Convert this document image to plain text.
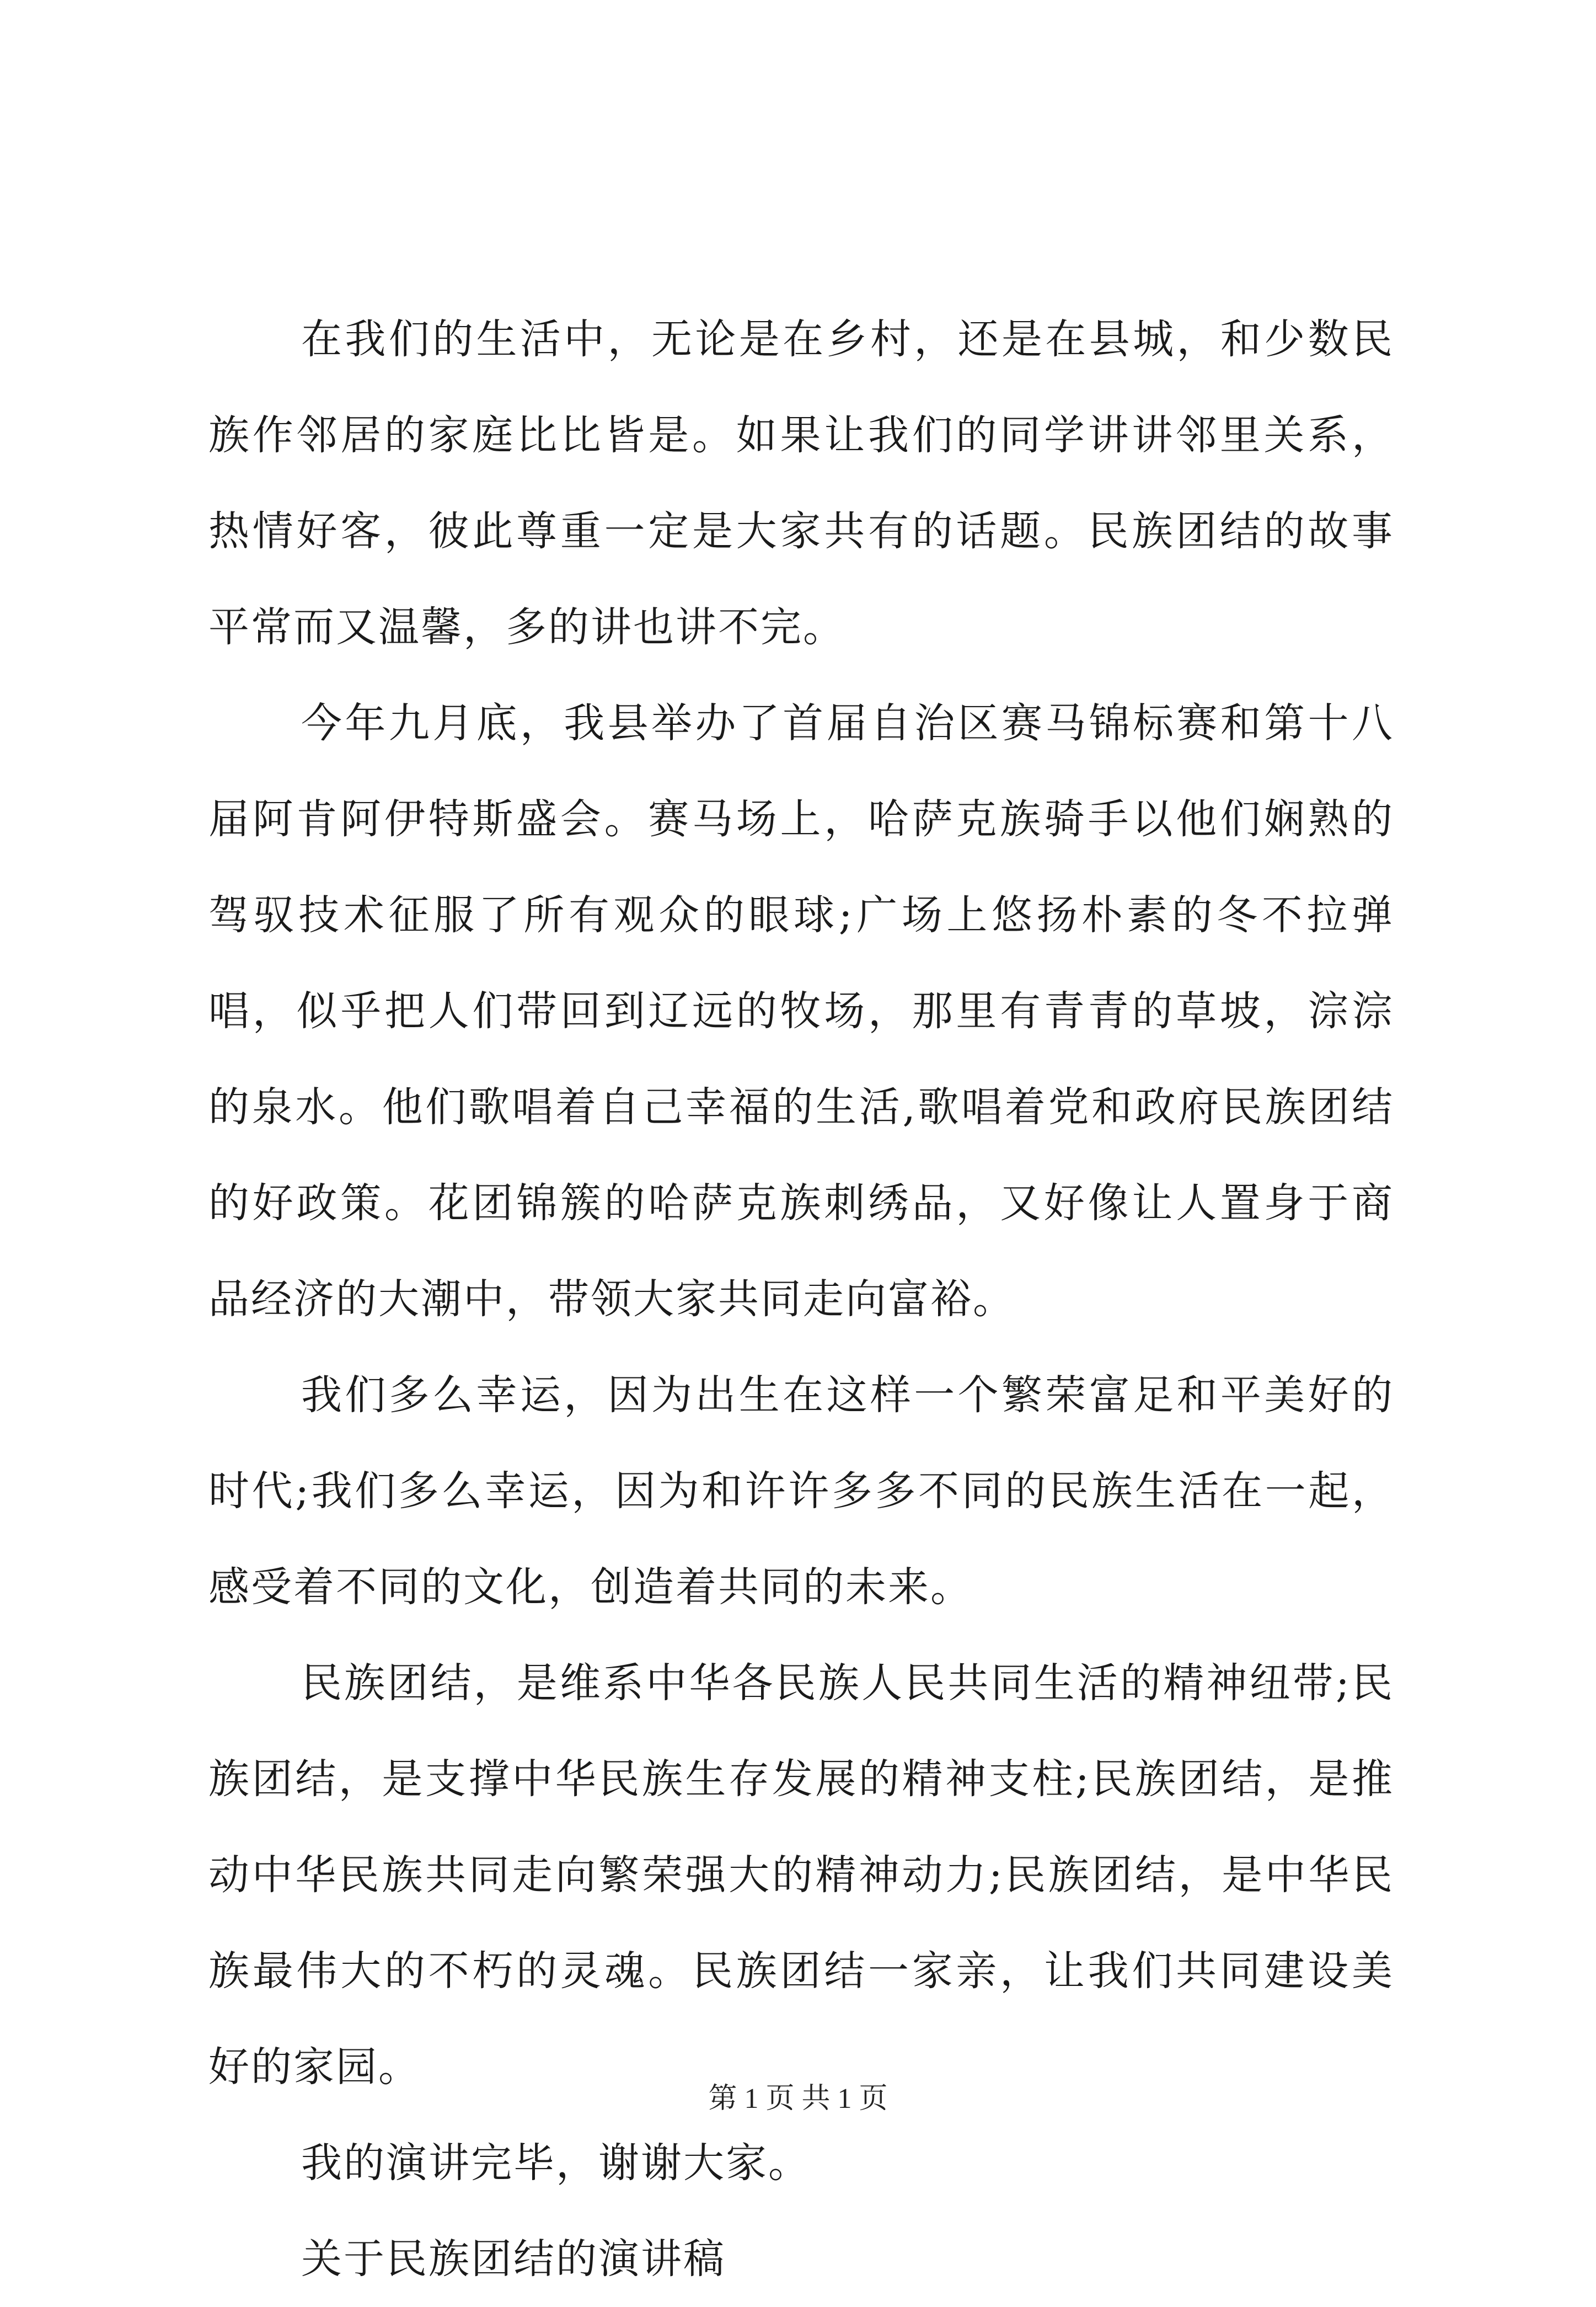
在我们的生活中，无论是在乡村，还是在县城，和少数民族作邻居的家庭比比皆是。如果让我们的同学讲讲邻里关系，热情好客，彼此尊重一定是大家共有的话题。民族团结的故事平常而又温馨，多的讲也讲不完。

今年九月底，我县举办了首届自治区赛马锦标赛和第十八届阿肯阿伊特斯盛会。赛马场上，哈萨克族骑手以他们娴熟的驾驭技术征服了所有观众的眼球;广场上悠扬朴素的冬不拉弹唱，似乎把人们带回到辽远的牧场，那里有青青的草坡，淙淙的泉水。他们歌唱着自己幸福的生活,歌唱着党和政府民族团结的好政策。花团锦簇的哈萨克族刺绣品，又好像让人置身于商品经济的大潮中，带领大家共同走向富裕。

我们多么幸运，因为出生在这样一个繁荣富足和平美好的时代;我们多么幸运，因为和许许多多不同的民族生活在一起，感受着不同的文化，创造着共同的未来。

民族团结，是维系中华各民族人民共同生活的精神纽带;民族团结，是支撑中华民族生存发展的精神支柱;民族团结，是推动中华民族共同走向繁荣强大的精神动力;民族团结，是中华民族最伟大的不朽的灵魂。民族团结一家亲，让我们共同建设美好的家园。

我的演讲完毕，谢谢大家。

关于民族团结的演讲稿

第 1 页 共 1 页
